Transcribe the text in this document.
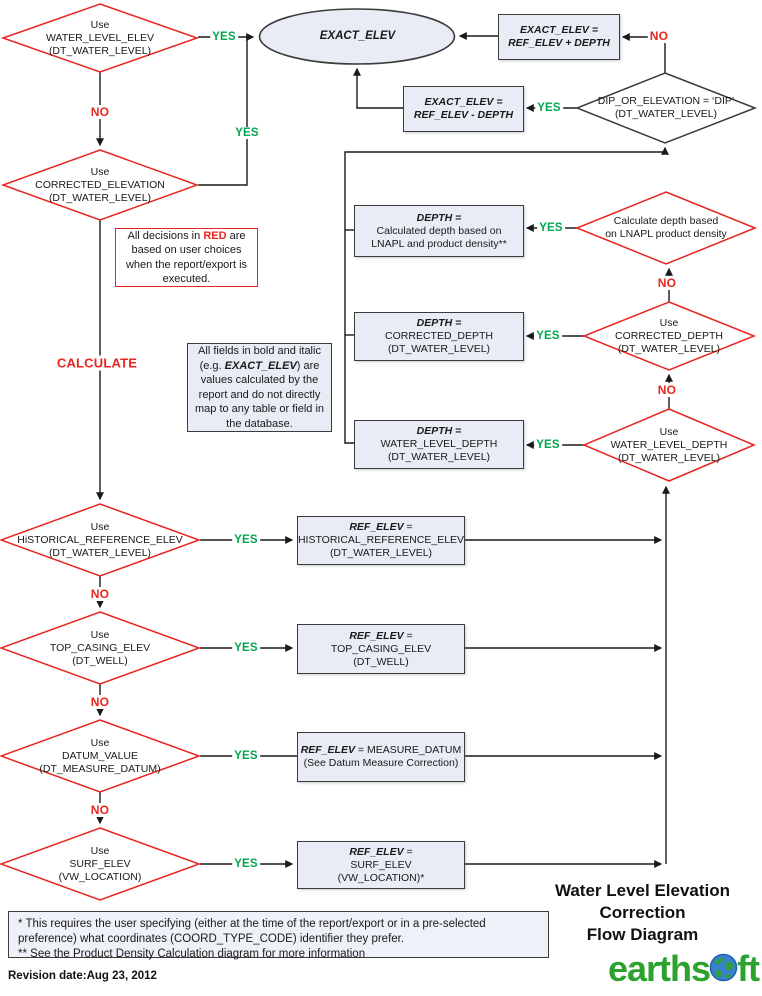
EXACT_ELEV	EXACT_ELEV =
REF_ELEV + DEPTH
EXACT_ELEV =
REF_ELEV - DEPTH
DEPTH =
Calculated depth based on
LNAPL and product density**
DEPTH =
CORRECTED_DEPTH
(DT_WATER_LEVEL)
DEPTH =
WATER_LEVEL_DEPTH
(DT_WATER_LEVEL)
REF_ELEV =
HISTORICAL_REFERENCE_ELEV
(DT_WATER_LEVEL)
REF_ELEV =
TOP_CASING_ELEV
(DT_WELL)
REF_ELEV = MEASURE_DATUM
(See Datum Measure Correction)
REF_ELEV =
SURF_ELEV
(VW_LOCATION)*
Use
WATER_LEVEL_ELEV
(DT_WATER_LEVEL)
Use
CORRECTED_ELEVATION
(DT_WATER_LEVEL)
DIP_OR_ELEVATION = ‘DIP’
(DT_WATER_LEVEL)
Calculate depth based
on LNAPL product density
Use
CORRECTED_DEPTH
(DT_WATER_LEVEL)
Use
WATER_LEVEL_DEPTH
(DT_WATER_LEVEL)
Use
HiSTORICAL_REFERENCE_ELEV
(DT_WATER_LEVEL)
Use
TOP_CASING_ELEV
(DT_WELL)
Use
DATUM_VALUE
(DT_MEASURE_DATUM)
Use
SURF_ELEV
(VW_LOCATION)
YES
YES
NO
CALCULATE
NO
YES
YES
NO
YES
NO
YES
YES
NO
YES
NO
YES
NO
YES
All decisions in RED are based on user choices when the report/export is executed.
All fields in bold and italic (e.g. EXACT_ELEV) are values calculated by the report and do not directly map to any table or field in the database.
* This requires the user specifying (either at the time of the report/export or in a pre-selected preference) what coordinates (COORD_TYPE_CODE) identifier they prefer.
** See the Product Density Calculation diagram for more information
Water Level Elevation
Correction
Flow Diagram
Revision date:Aug 23, 2012	earths ft
